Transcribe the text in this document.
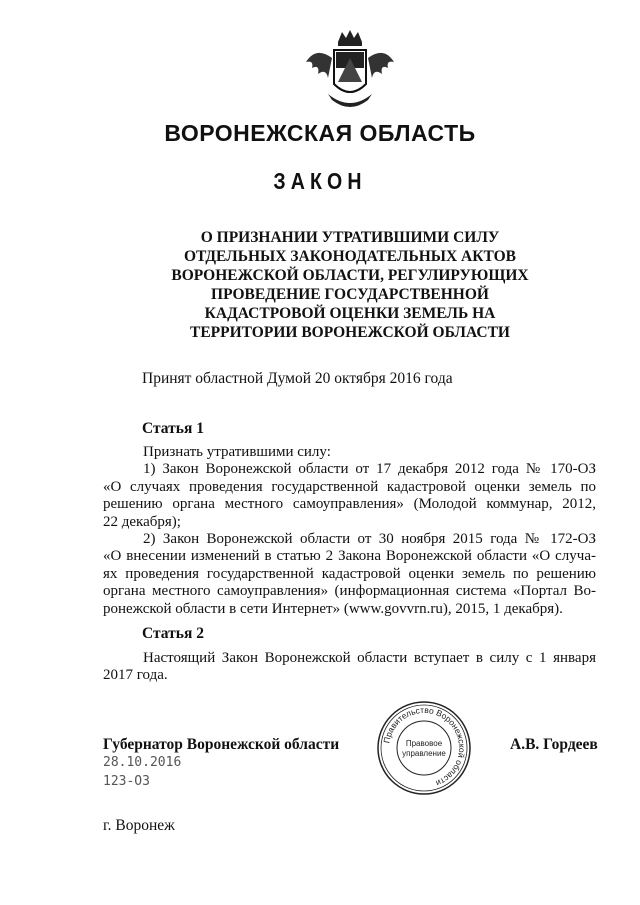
ВОРОНЕЖСКАЯ ОБЛАСТЬ
ЗАКОН
О ПРИЗНАНИИ УТРАТИВШИМИ СИЛУ
ОТДЕЛЬНЫХ ЗАКОНОДАТЕЛЬНЫХ АКТОВ
ВОРОНЕЖСКОЙ ОБЛАСТИ, РЕГУЛИРУЮЩИХ
ПРОВЕДЕНИЕ ГОСУДАРСТВЕННОЙ
КАДАСТРОВОЙ ОЦЕНКИ ЗЕМЕЛЬ НА
ТЕРРИТОРИИ ВОРОНЕЖСКОЙ ОБЛАСТИ
Принят областной Думой 20 октября 2016 года
Статья 1
Признать утратившими силу:
1) Закон Воронежской области от 17 декабря 2012 года № 170-ОЗ
«О случаях проведения государственной кадастровой оценки земель по
решению органа местного самоуправления» (Молодой коммунар, 2012,
22 декабря);
2) Закон Воронежской области от 30 ноября 2015 года № 172-ОЗ
«О внесении изменений в статью 2 Закона Воронежской области «О случа-
ях проведения государственной кадастровой оценки земель по решению
органа местного самоуправления» (информационная система «Портал Во-
ронежской области в сети Интернет» (www.govvrn.ru), 2015, 1 декабря).
Статья 2
Настоящий Закон Воронежской области вступает в силу с 1 января
2017 года.
Губернатор Воронежской области	А.В. Гордеев
Правительство Воронежской области
Правовое
управление
28.10.2016
123-ОЗ
г. Воронеж
